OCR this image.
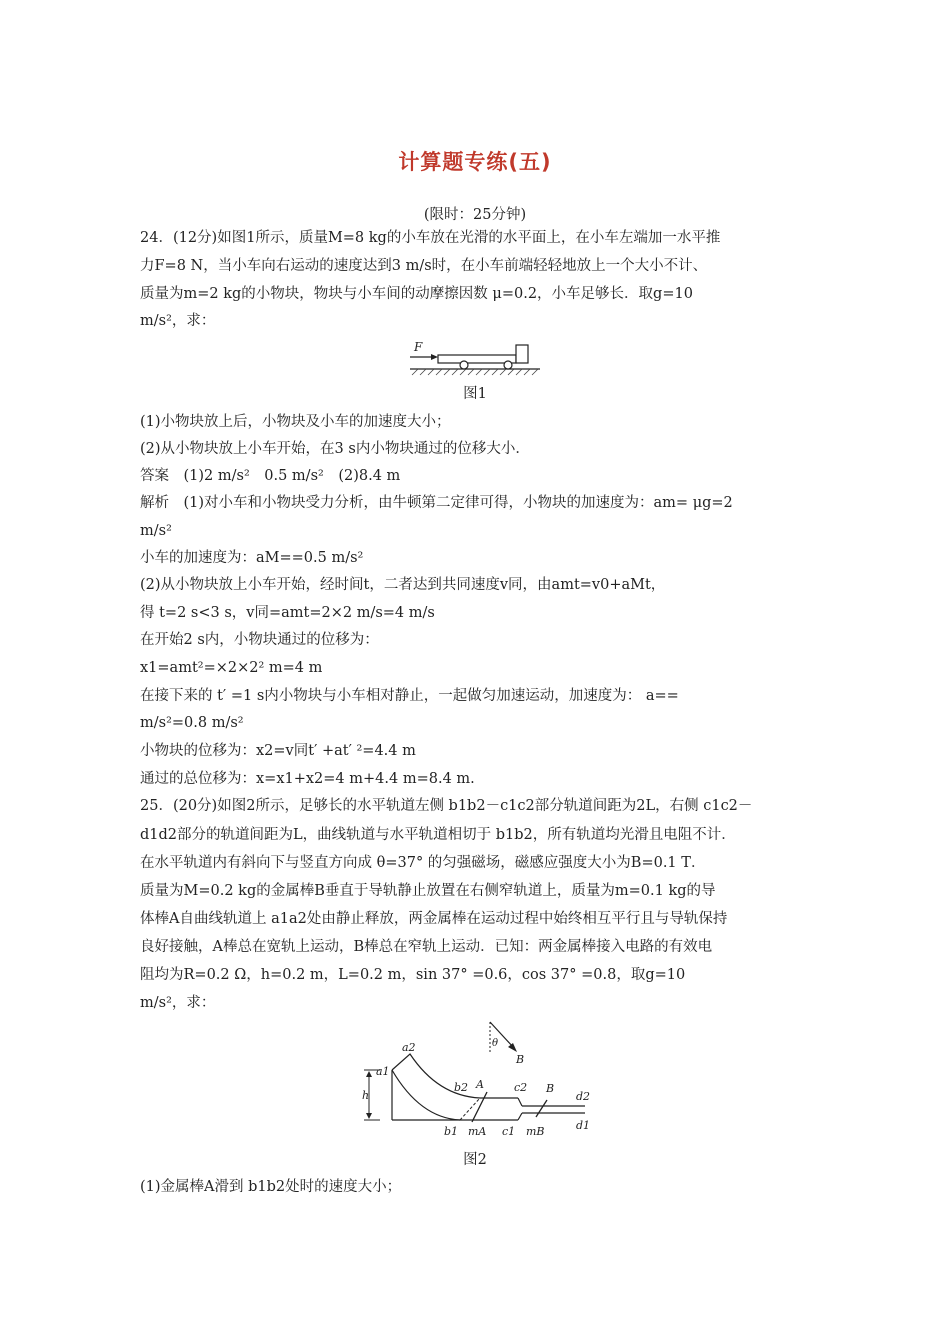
计算题专练(五)
(限时：25分钟)
24．(12分)如图1所示，质量M=8 kg的小车放在光滑的水平面上，在小车左端加一水平推
力F=8 N，当小车向右运动的速度达到3 m/s时，在小车前端轻轻地放上一个大小不计、
质量为m=2 kg的小物块，物块与小车间的动摩擦因数 μ=0.2，小车足够长．取g=10
m/s²，求：
F
图1
(1)小物块放上后，小物块及小车的加速度大小；
(2)从小物块放上小车开始，在3 s内小物块通过的位移大小．
答案　(1)2 m/s²　0.5 m/s²　(2)8.4 m
解析　(1)对小车和小物块受力分析，由牛顿第二定律可得，小物块的加速度为：am= μg=2
m/s²
小车的加速度为：aM==0.5 m/s²
(2)从小物块放上小车开始，经时间t，二者达到共同速度v同，由amt=v0+aMt，
得 t=2 s<3 s，v同=amt=2×2 m/s=4 m/s
在开始2 s内，小物块通过的位移为：
x1=amt²=×2×2² m=4 m
在接下来的 t′ =1 s内小物块与小车相对静止，一起做匀加速运动，加速度为： a==
m/s²=0.8 m/s²
小物块的位移为：x2=v同t′ +at′ ²=4.4 m
通过的总位移为：x=x1+x2=4 m+4.4 m=8.4 m.
25．(20分)如图2所示，足够长的水平轨道左侧 b1b2－c1c2部分轨道间距为2L，右侧 c1c2－
d1d2部分的轨道间距为L，曲线轨道与水平轨道相切于 b1b2，所有轨道均光滑且电阻不计．
在水平轨道内有斜向下与竖直方向成 θ=37° 的匀强磁场，磁感应强度大小为B=0.1 T．
质量为M=0.2 kg的金属棒B垂直于导轨静止放置在右侧窄轨道上，质量为m=0.1 kg的导
体棒A自曲线轨道上 a1a2处由静止释放，两金属棒在运动过程中始终相互平行且与导轨保持
良好接触，A棒总在宽轨上运动，B棒总在窄轨上运动．已知：两金属棒接入电路的有效电
阻均为R=0.2 Ω，h=0.2 m，L=0.2 m，sin 37° =0.6，cos 37° =0.8，取g=10
m/s²，求：
h
θ
B
a2
a1
b2 A	c2 B
d2
b1 mA c1 mB	d1
图2
(1)金属棒A滑到 b1b2处时的速度大小；
